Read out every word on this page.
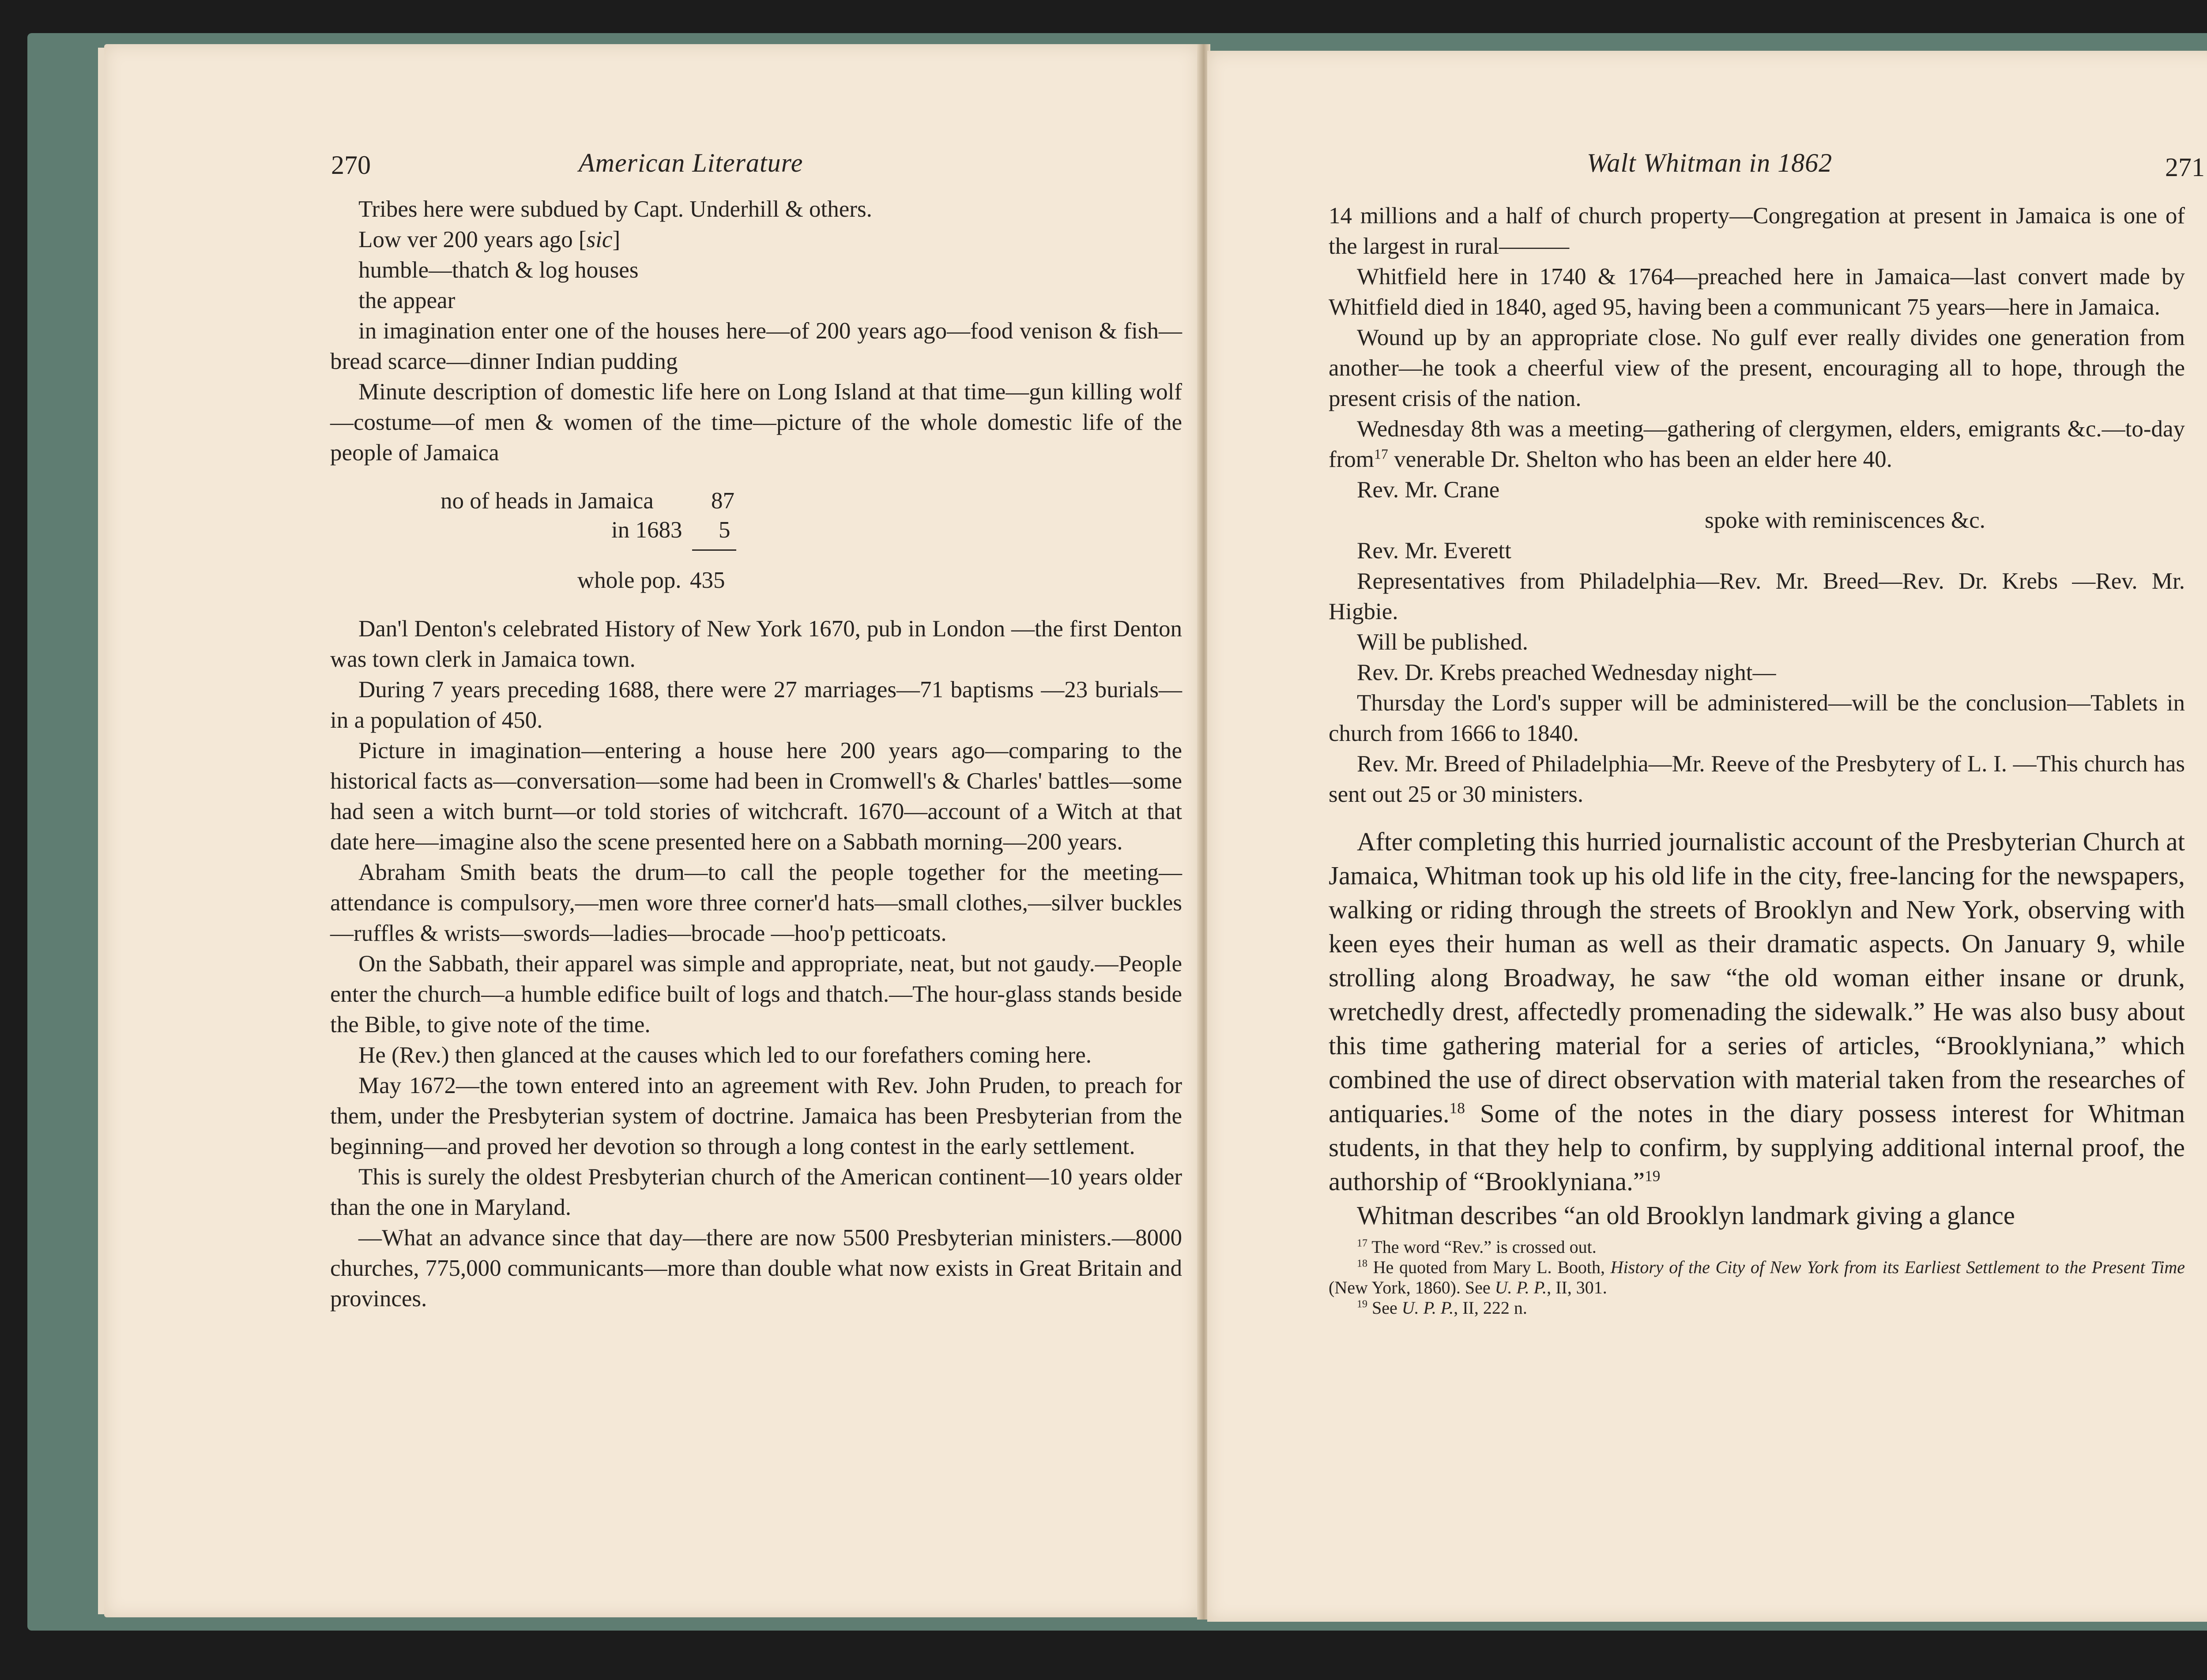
270	American Literature

Tribes here were subdued by Capt. Underhill & others.

Low ver 200 years ago [sic]

humble—thatch & log houses

the appear

in imagination enter one of the houses here—of 200 years ago—food venison & fish—bread scarce—dinner Indian pudding

Minute description of domestic life here on Long Island at that time—gun killing wolf—costume—of men & women of the time—picture of the whole domestic life of the people of Jamaica

no of heads in Jamaica 87
in 1683 5
whole pop. 435

Dan'l Denton's celebrated History of New York 1670, pub in London —the first Denton was town clerk in Jamaica town.

During 7 years preceding 1688, there were 27 marriages—71 baptisms —23 burials—in a population of 450.

Picture in imagination—entering a house here 200 years ago—comparing to the historical facts as—conversation—some had been in Cromwell's & Charles' battles—some had seen a witch burnt—or told stories of witchcraft. 1670—account of a Witch at that date here—imagine also the scene presented here on a Sabbath morning—200 years.

Abraham Smith beats the drum—to call the people together for the meeting—attendance is compulsory,—men wore three corner'd hats—small clothes,—silver buckles—ruffles & wrists—swords—ladies—brocade —hoo'p petticoats.

On the Sabbath, their apparel was simple and appropriate, neat, but not gaudy.—People enter the church—a humble edifice built of logs and thatch.—The hour-glass stands beside the Bible, to give note of the time.

He (Rev.) then glanced at the causes which led to our forefathers coming here.

May 1672—the town entered into an agreement with Rev. John Pruden, to preach for them, under the Presbyterian system of doctrine. Jamaica has been Presbyterian from the beginning—and proved her devotion so through a long contest in the early settlement.

This is surely the oldest Presbyterian church of the American continent—10 years older than the one in Maryland.

—What an advance since that day—there are now 5500 Presbyterian ministers.—8000 churches, 775,000 communicants—more than double what now exists in Great Britain and provinces.

Walt Whitman in 1862	271

14 millions and a half of church property—Congregation at present in Jamaica is one of the largest in rural———

Whitfield here in 1740 & 1764—preached here in Jamaica—last convert made by Whitfield died in 1840, aged 95, having been a communicant 75 years—here in Jamaica.

Wound up by an appropriate close. No gulf ever really divides one generation from another—he took a cheerful view of the present, encouraging all to hope, through the present crisis of the nation.

Wednesday 8th was a meeting—gathering of clergymen, elders, emigrants &c.—to-day from$^{17}$ venerable Dr. Shelton who has been an elder here 40.

Rev. Mr. Crane

spoke with reminiscences &c.

Rev. Mr. Everett

Representatives from Philadelphia—Rev. Mr. Breed—Rev. Dr. Krebs —Rev. Mr. Higbie.

Will be published.

Rev. Dr. Krebs preached Wednesday night—

Thursday the Lord's supper will be administered—will be the conclusion—Tablets in church from 1666 to 1840.

Rev. Mr. Breed of Philadelphia—Mr. Reeve of the Presbytery of L. I. —This church has sent out 25 or 30 ministers.

After completing this hurried journalistic account of the Presbyterian Church at Jamaica, Whitman took up his old life in the city, free-lancing for the newspapers, walking or riding through the streets of Brooklyn and New York, observing with keen eyes their human as well as their dramatic aspects. On January 9, while strolling along Broadway, he saw “the old woman either insane or drunk, wretchedly drest, affectedly promenading the sidewalk.” He was also busy about this time gathering material for a series of articles, “Brooklyniana,” which combined the use of direct observation with material taken from the researches of antiquaries.$^{18}$ Some of the notes in the diary possess interest for Whitman students, in that they help to confirm, by supplying additional internal proof, the authorship of “Brooklyniana.”$^{19}$

Whitman describes “an old Brooklyn landmark giving a glance

$^{17}$ The word “Rev.” is crossed out.

$^{18}$ He quoted from Mary L. Booth, History of the City of New York from its Earliest Settlement to the Present Time (New York, 1860). See U. P. P., II, 301.

$^{19}$ See U. P. P., II, 222 n.
